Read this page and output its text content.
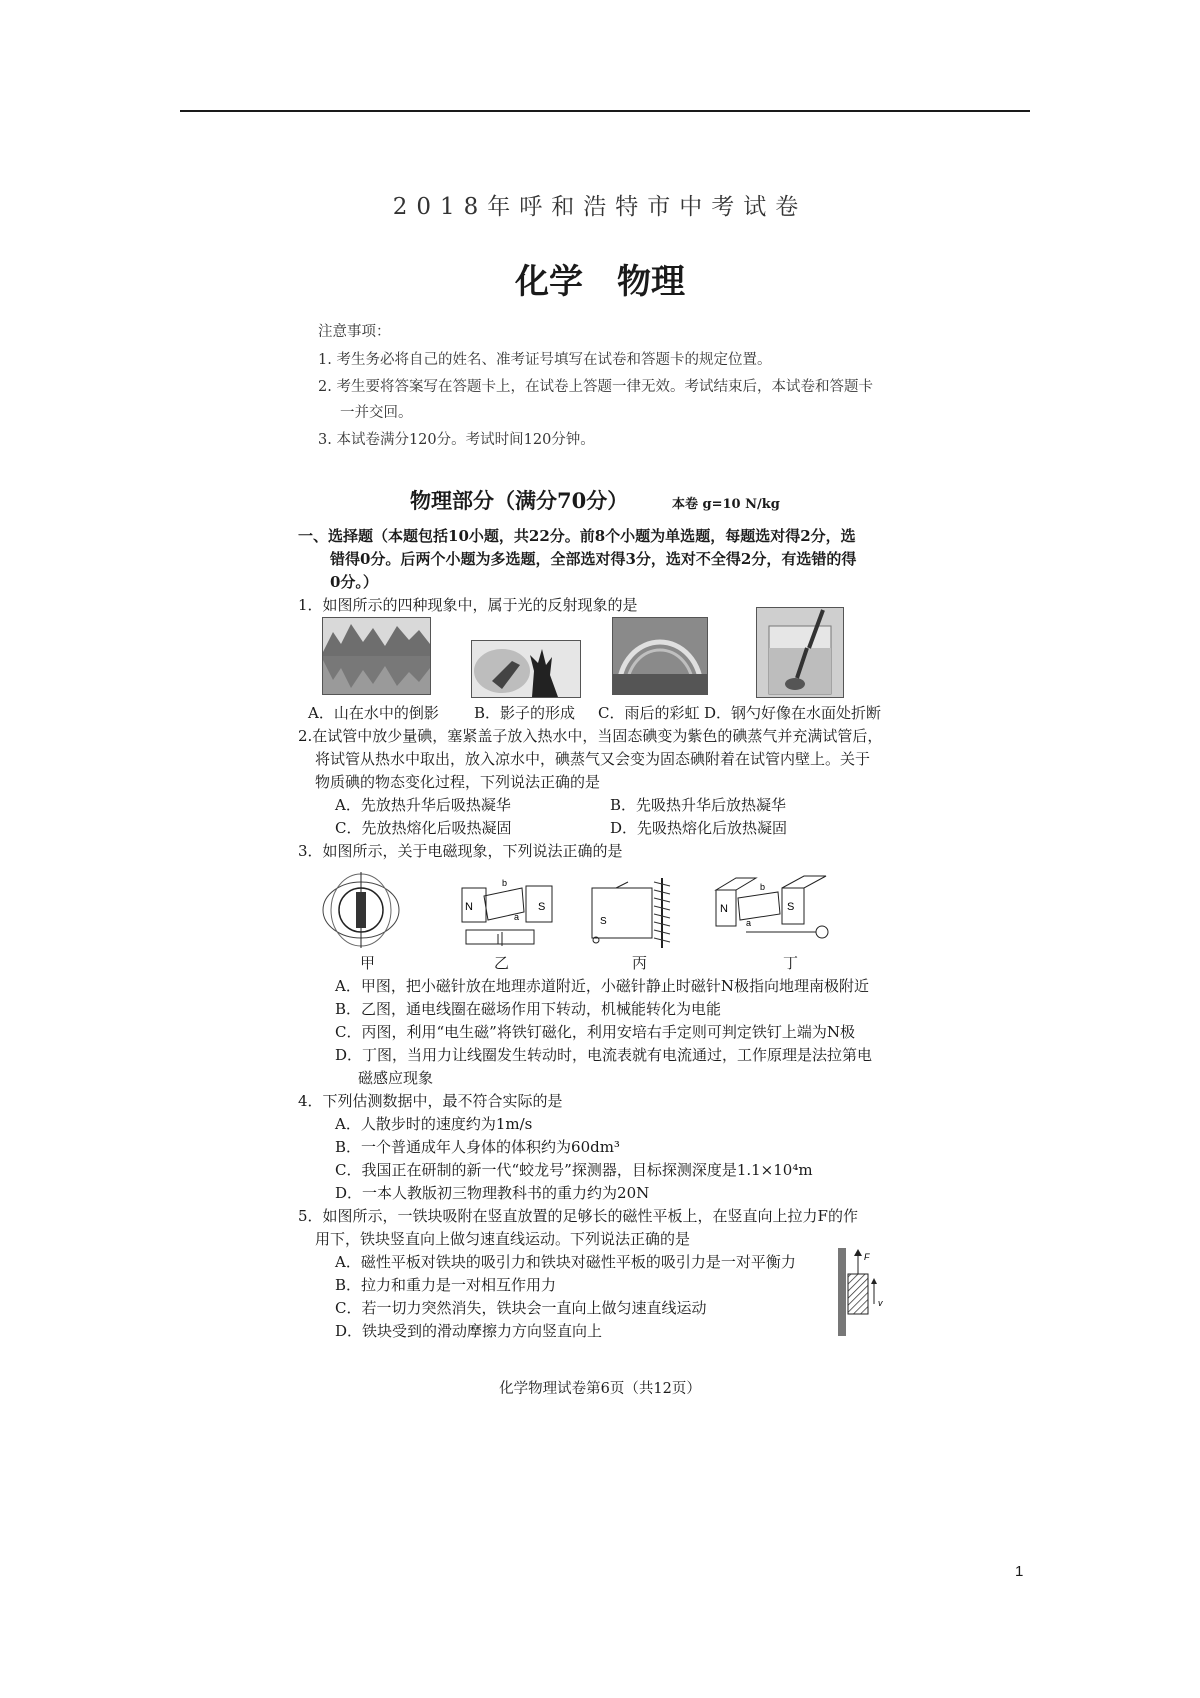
2018年呼和浩特市中考试卷
化学　物理
注意事项：
1. 考生务必将自己的姓名、准考证号填写在试卷和答题卡的规定位置。
2. 考生要将答案写在答题卡上，在试卷上答题一律无效。考试结束后，本试卷和答题卡
一并交回。
3. 本试卷满分120分。考试时间120分钟。
物理部分（满分70分）	本卷 g=10 N/kg
一、选择题（本题包括10小题，共22分。前8个小题为单选题，每题选对得2分，选
错得0分。后两个小题为多选题，全部选对得3分，选对不全得2分，有选错的得
0分。）
1．如图所示的四种现象中，属于光的反射现象的是
A．山在水中的倒影 B．影子的形成 C．雨后的彩虹 D．钢勺好像在水面处折断
2.在试管中放少量碘，塞紧盖子放入热水中，当固态碘变为紫色的碘蒸气并充满试管后，
将试管从热水中取出，放入凉水中，碘蒸气又会变为固态碘附着在试管内壁上。关于
物质碘的物态变化过程，下列说法正确的是
A．先放热升华后吸热凝华	B．先吸热升华后放热凝华
C．先放热熔化后吸热凝固	D．先吸热熔化后放热凝固
3．如图所示，关于电磁现象，下列说法正确的是
N	S
b
a	S
N	S
b
a
甲	乙	丙	丁
A．甲图，把小磁针放在地理赤道附近，小磁针静止时磁针N极指向地理南极附近
B．乙图，通电线圈在磁场作用下转动，机械能转化为电能
C．丙图，利用“电生磁”将铁钉磁化，利用安培右手定则可判定铁钉上端为N极
D．丁图，当用力让线圈发生转动时，电流表就有电流通过，工作原理是法拉第电
磁感应现象
4．下列估测数据中，最不符合实际的是
A．人散步时的速度约为1m/s
B．一个普通成年人身体的体积约为60dm³
C．我国正在研制的新一代“蛟龙号”探测器，目标探测深度是1.1×10⁴m
D．一本人教版初三物理教科书的重力约为20N
5．如图所示，一铁块吸附在竖直放置的足够长的磁性平板上，在竖直向上拉力F的作
用下，铁块竖直向上做匀速直线运动。下列说法正确的是
A．磁性平板对铁块的吸引力和铁块对磁性平板的吸引力是一对平衡力
B．拉力和重力是一对相互作用力
C．若一切力突然消失，铁块会一直向上做匀速直线运动
D．铁块受到的滑动摩擦力方向竖直向上
F
v
化学物理试卷第6页（共12页）
1
